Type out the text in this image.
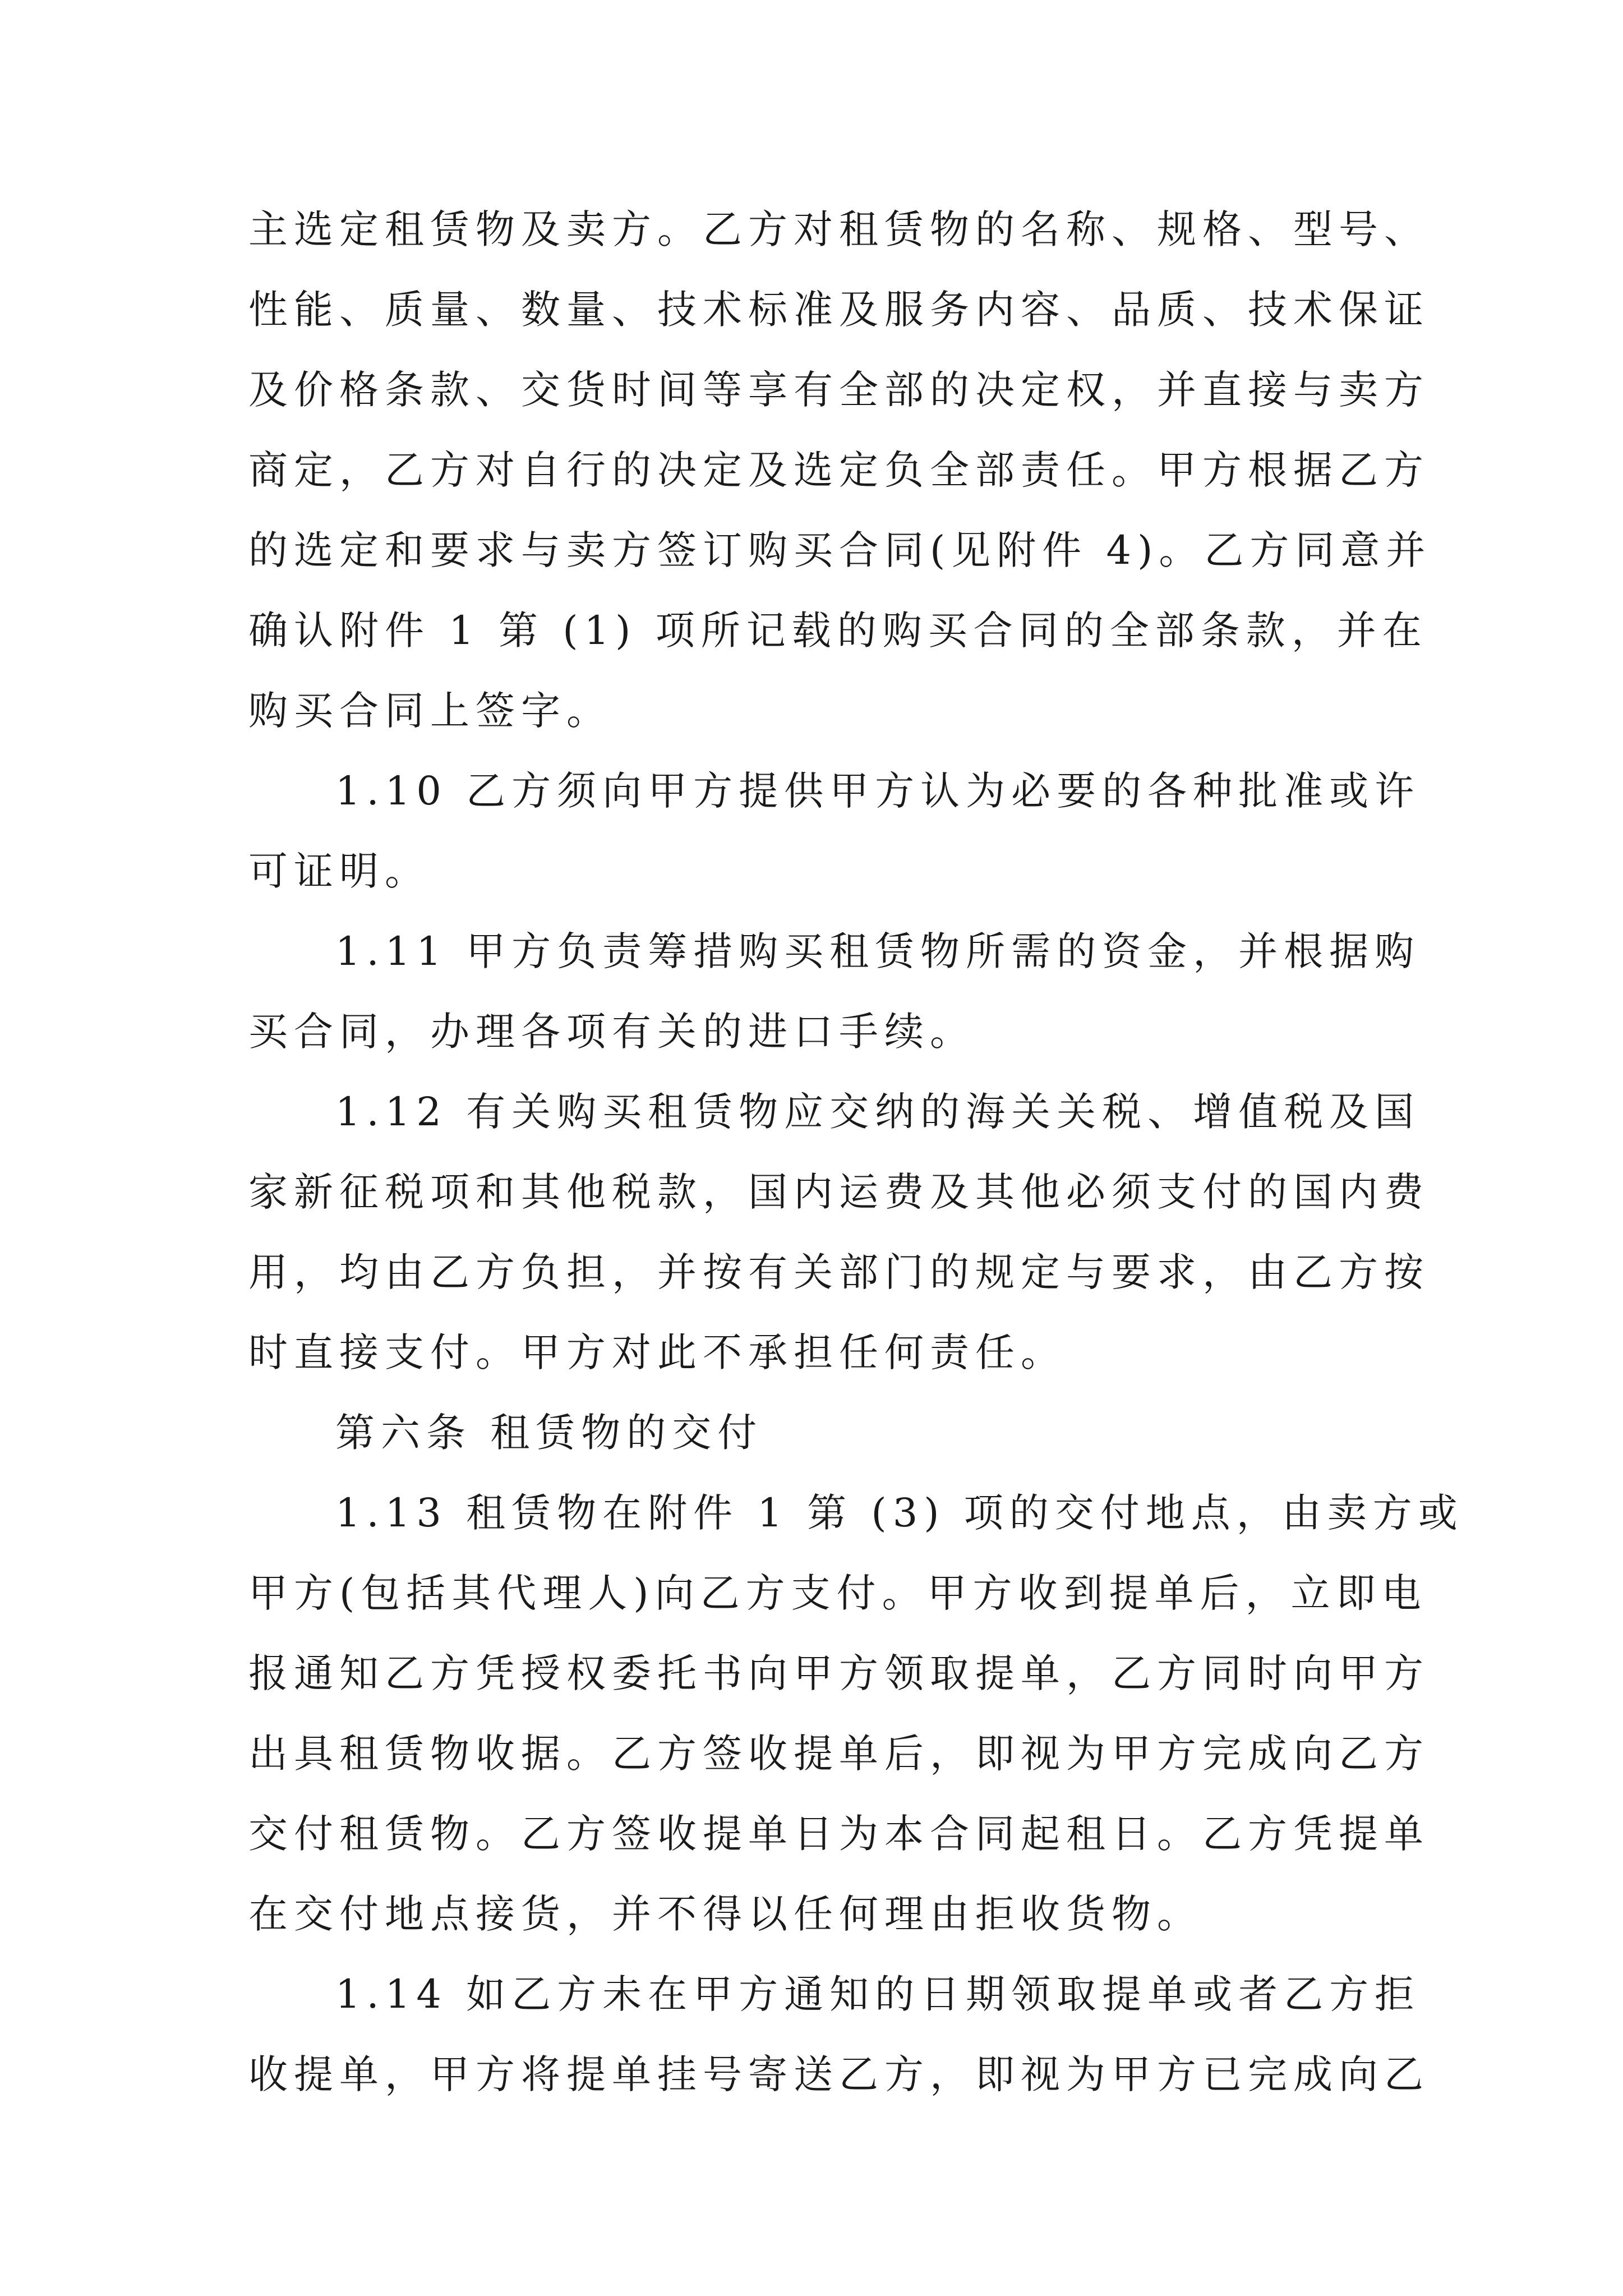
主选定租赁物及卖方。乙方对租赁物的名称、规格、型号、

性能、质量、数量、技术标准及服务内容、品质、技术保证

及价格条款、交货时间等享有全部的决定权，并直接与卖方

商定，乙方对自行的决定及选定负全部责任。甲方根据乙方

的选定和要求与卖方签订购买合同(见附件 4)。乙方同意并

确认附件 1 第 (1) 项所记载的购买合同的全部条款，并在

购买合同上签字。

1.10 乙方须向甲方提供甲方认为必要的各种批准或许

可证明。

1.11 甲方负责筹措购买租赁物所需的资金，并根据购

买合同，办理各项有关的进口手续。

1.12 有关购买租赁物应交纳的海关关税、增值税及国

家新征税项和其他税款，国内运费及其他必须支付的国内费

用，均由乙方负担，并按有关部门的规定与要求，由乙方按

时直接支付。甲方对此不承担任何责任。

第六条 租赁物的交付

1.13 租赁物在附件 1 第 (3) 项的交付地点，由卖方或

甲方(包括其代理人)向乙方支付。甲方收到提单后，立即电

报通知乙方凭授权委托书向甲方领取提单，乙方同时向甲方

出具租赁物收据。乙方签收提单后，即视为甲方完成向乙方

交付租赁物。乙方签收提单日为本合同起租日。乙方凭提单

在交付地点接货，并不得以任何理由拒收货物。

1.14 如乙方未在甲方通知的日期领取提单或者乙方拒

收提单，甲方将提单挂号寄送乙方，即视为甲方已完成向乙
